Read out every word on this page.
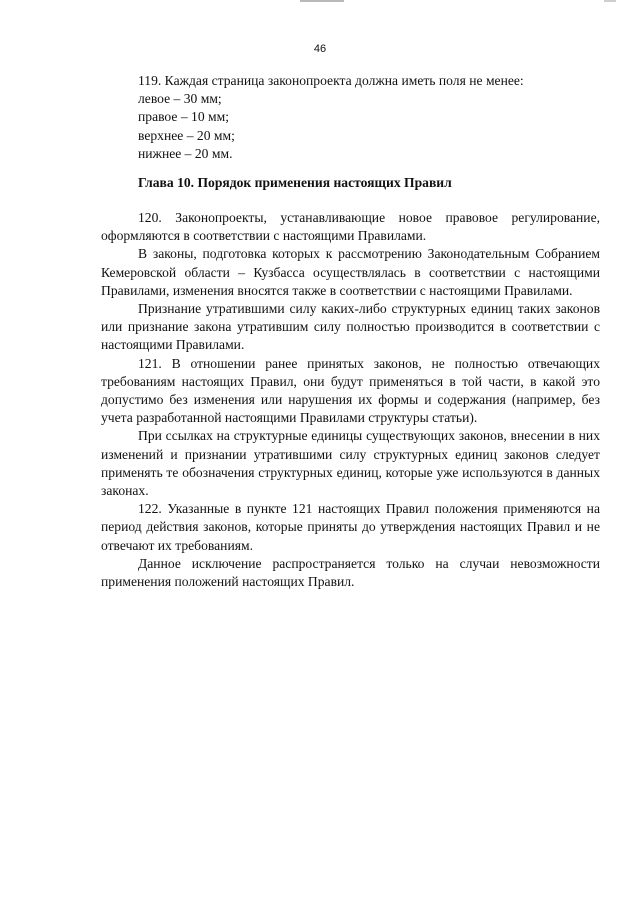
46

119. Каждая страница законопроекта должна иметь поля не менее:

левое – 30 мм;

правое – 10 мм;

верхнее – 20 мм;

нижнее – 20 мм.

Глава 10. Порядок применения настоящих Правил

120. Законопроекты, устанавливающие новое правовое регулирование, оформляются в соответствии с настоящими Правилами.

В законы, подготовка которых к рассмотрению Законодательным Собранием Кемеровской области – Кузбасса осуществлялась в соответствии с настоящими Правилами, изменения вносятся также в соответствии с настоящими Правилами.

Признание утратившими силу каких-либо структурных единиц таких законов или признание закона утратившим силу полностью производится в соответствии с настоящими Правилами.

121. В отношении ранее принятых законов, не полностью отвечающих требованиям настоящих Правил, они будут применяться в той части, в какой это допустимо без изменения или нарушения их формы и содержания (например, без учета разработанной настоящими Правилами структуры статьи).

При ссылках на структурные единицы существующих законов, внесении в них изменений и признании утратившими силу структурных единиц законов следует применять те обозначения структурных единиц, которые уже используются в данных законах.

122. Указанные в пункте 121 настоящих Правил положения применяются на период действия законов, которые приняты до утверждения настоящих Правил и не отвечают их требованиям.

Данное исключение распространяется только на случаи невозможности применения положений настоящих Правил.
